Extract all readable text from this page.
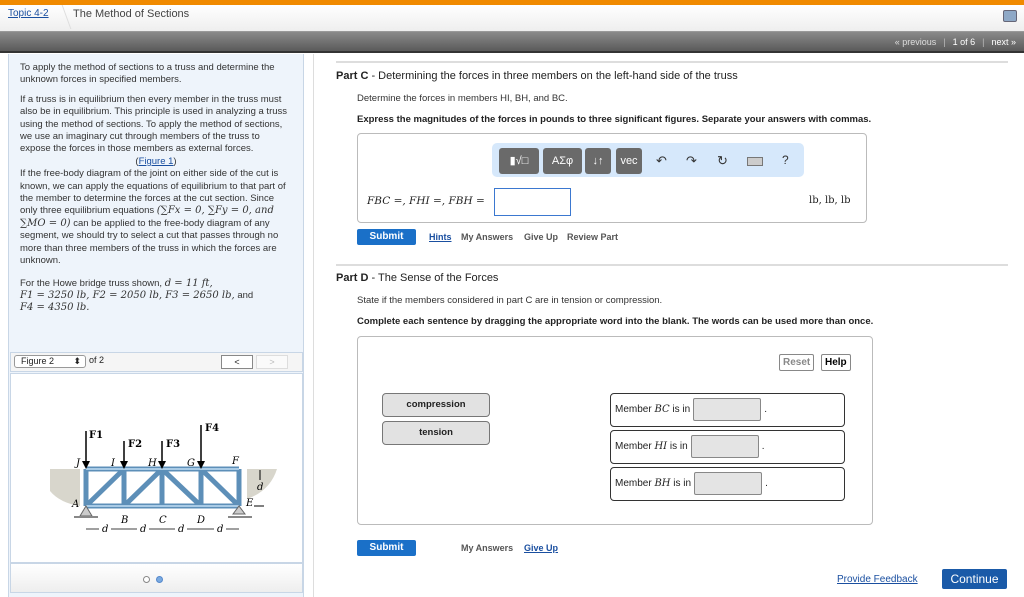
Topic 4-2 The Method of Sections
« previous | 1 of 6 | next »

To apply the method of sections to a truss and determine the unknown forces in specified members.

If a truss is in equilibrium then every member in the truss must also be in equilibrium. This principle is used in analyzing a truss using the method of sections. To apply the method of sections, we use an imaginary cut through members of the truss to expose the forces in those members as external forces.

(Figure 1)

If the free-body diagram of the joint on either side of the cut is known, we can apply the equations of equilibrium to that part of the member to determine the forces at the cut section. Since only three equilibrium equations (∑Fx = 0, ∑Fy = 0, and ∑MO = 0) can be applied to the free-body diagram of any segment, we should try to select a cut that passes through no more than three members of the truss in which the forces are unknown.

For the Howe bridge truss shown, d = 11 ft,
F1 = 3250 lb, F2 = 2050 lb, F3 = 2650 lb, and
F4 = 4350 lb.

Figure 2 ⬍ of 2	<	>
F1
F2 F3
F4
J	I	H	G	F
A
B	C	D
E
d
d	d	d	d
Part C - Determining the forces in three members on the left-hand side of the truss
Determine the forces in members HI, BH, and BC.
Express the magnitudes of the forces in pounds to three significant figures. Separate your answers with commas.
▮√□	ΑΣφ	↓↑	vec	↶ ↷ ↻	?
FBC =, FHI =, FBH =	lb, lb, lb
Submit	Hints My Answers Give Up Review Part
Part D - The Sense of the Forces
State if the members considered in part C are in tension or compression.
Complete each sentence by dragging the appropriate word into the blank. The words can be used more than once.
Reset	Help
compression
tension
Member BC is in	.
Member HI is in	.
Member BH is in	.
Submit	My Answers Give Up
Provide Feedback	Continue
